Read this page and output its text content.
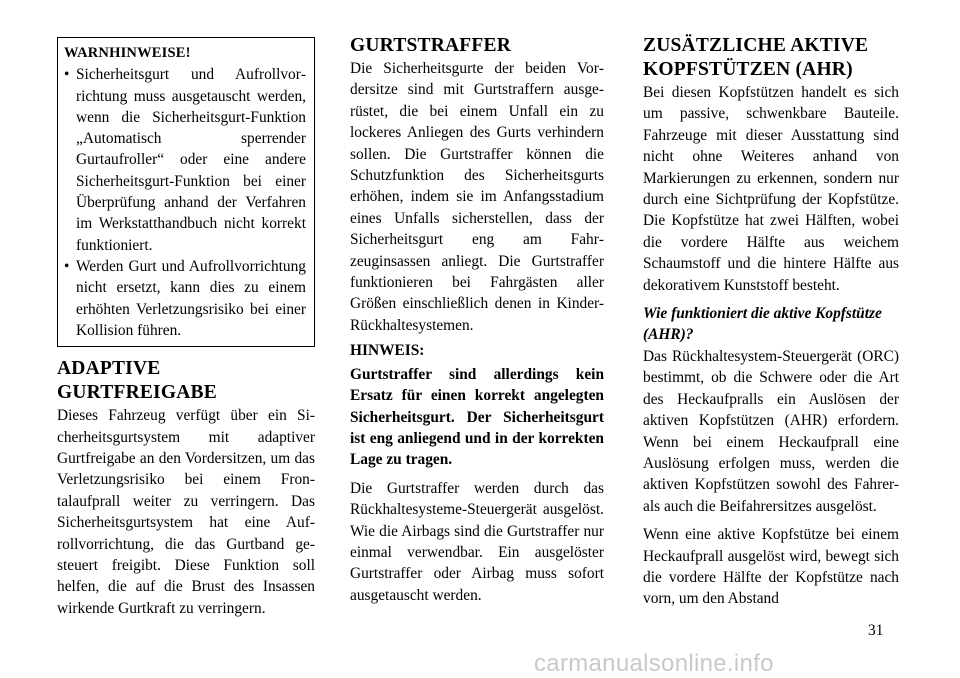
WARNHINWEISE!
• Sicherheitsgurt und Aufrollvorrichtung muss ausgetauscht werden, wenn die Sicherheitsgurt-Funktion „Automatisch sperrender Gurtaufroller“ oder eine andere Sicherheitsgurt-Funktion bei einer Überprüfung anhand der Verfahren im Werkstatthandbuch nicht korrekt funktioniert.
• Werden Gurt und Aufrollvorrichtung nicht ersetzt, kann dies zu einem erhöhten Verletzungsrisiko bei einer Kollision führen.
ADAPTIVE GURTFREIGABE

Dieses Fahrzeug verfügt über ein Sicherheitsgurtsystem mit adaptiver Gurtfreigabe an den Vordersitzen, um das Verletzungsrisiko bei einem Frontalaufprall weiter zu verringern. Das Sicherheitsgurtsystem hat eine Aufrollvorrichtung, die das Gurtband gesteuert freigibt. Diese Funktion soll helfen, die auf die Brust des Insassen wirkende Gurtkraft zu verringern.

GURTSTRAFFER

Die Sicherheitsgurte der beiden Vordersitze sind mit Gurtstraffern ausgerüstet, die bei einem Unfall ein zu lockeres Anliegen des Gurts verhindern sollen. Die Gurtstraffer können die Schutzfunktion des Sicherheitsgurts erhöhen, indem sie im Anfangsstadium eines Unfalls sicherstellen, dass der Sicherheitsgurt eng am Fahrzeuginsassen anliegt. Die Gurtstraffer funktionieren bei Fahrgästen aller Größen einschließlich denen in Kinder-Rückhaltesystemen.

HINWEIS:

Gurtstraffer sind allerdings kein Ersatz für einen korrekt angelegten Sicherheitsgurt. Der Sicherheitsgurt ist eng anliegend und in der korrekten Lage zu tragen.

Die Gurtstraffer werden durch das Rückhaltesysteme-Steuergerät ausgelöst. Wie die Airbags sind die Gurtstraffer nur einmal verwendbar. Ein ausgelöster Gurtstraffer oder Airbag muss sofort ausgetauscht werden.

ZUSÄTZLICHE AKTIVE KOPFSTÜTZEN (AHR)

Bei diesen Kopfstützen handelt es sich um passive, schwenkbare Bauteile. Fahrzeuge mit dieser Ausstattung sind nicht ohne Weiteres anhand von Markierungen zu erkennen, sondern nur durch eine Sichtprüfung der Kopfstütze. Die Kopfstütze hat zwei Hälften, wobei die vordere Hälfte aus weichem Schaumstoff und die hintere Hälfte aus dekorativem Kunststoff besteht.

Wie funktioniert die aktive Kopfstütze (AHR)?

Das Rückhaltesystem-Steuergerät (ORC) bestimmt, ob die Schwere oder die Art des Heckaufpralls ein Auslösen der aktiven Kopfstützen (AHR) erfordern. Wenn bei einem Heckaufprall eine Auslösung erfolgen muss, werden die aktiven Kopfstützen sowohl des Fahrer- als auch die Beifahrersitzes ausgelöst.

Wenn eine aktive Kopfstütze bei einem Heckaufprall ausgelöst wird, bewegt sich die vordere Hälfte der Kopfstütze nach vorn, um den Abstand

31
carmanualsonline.info
